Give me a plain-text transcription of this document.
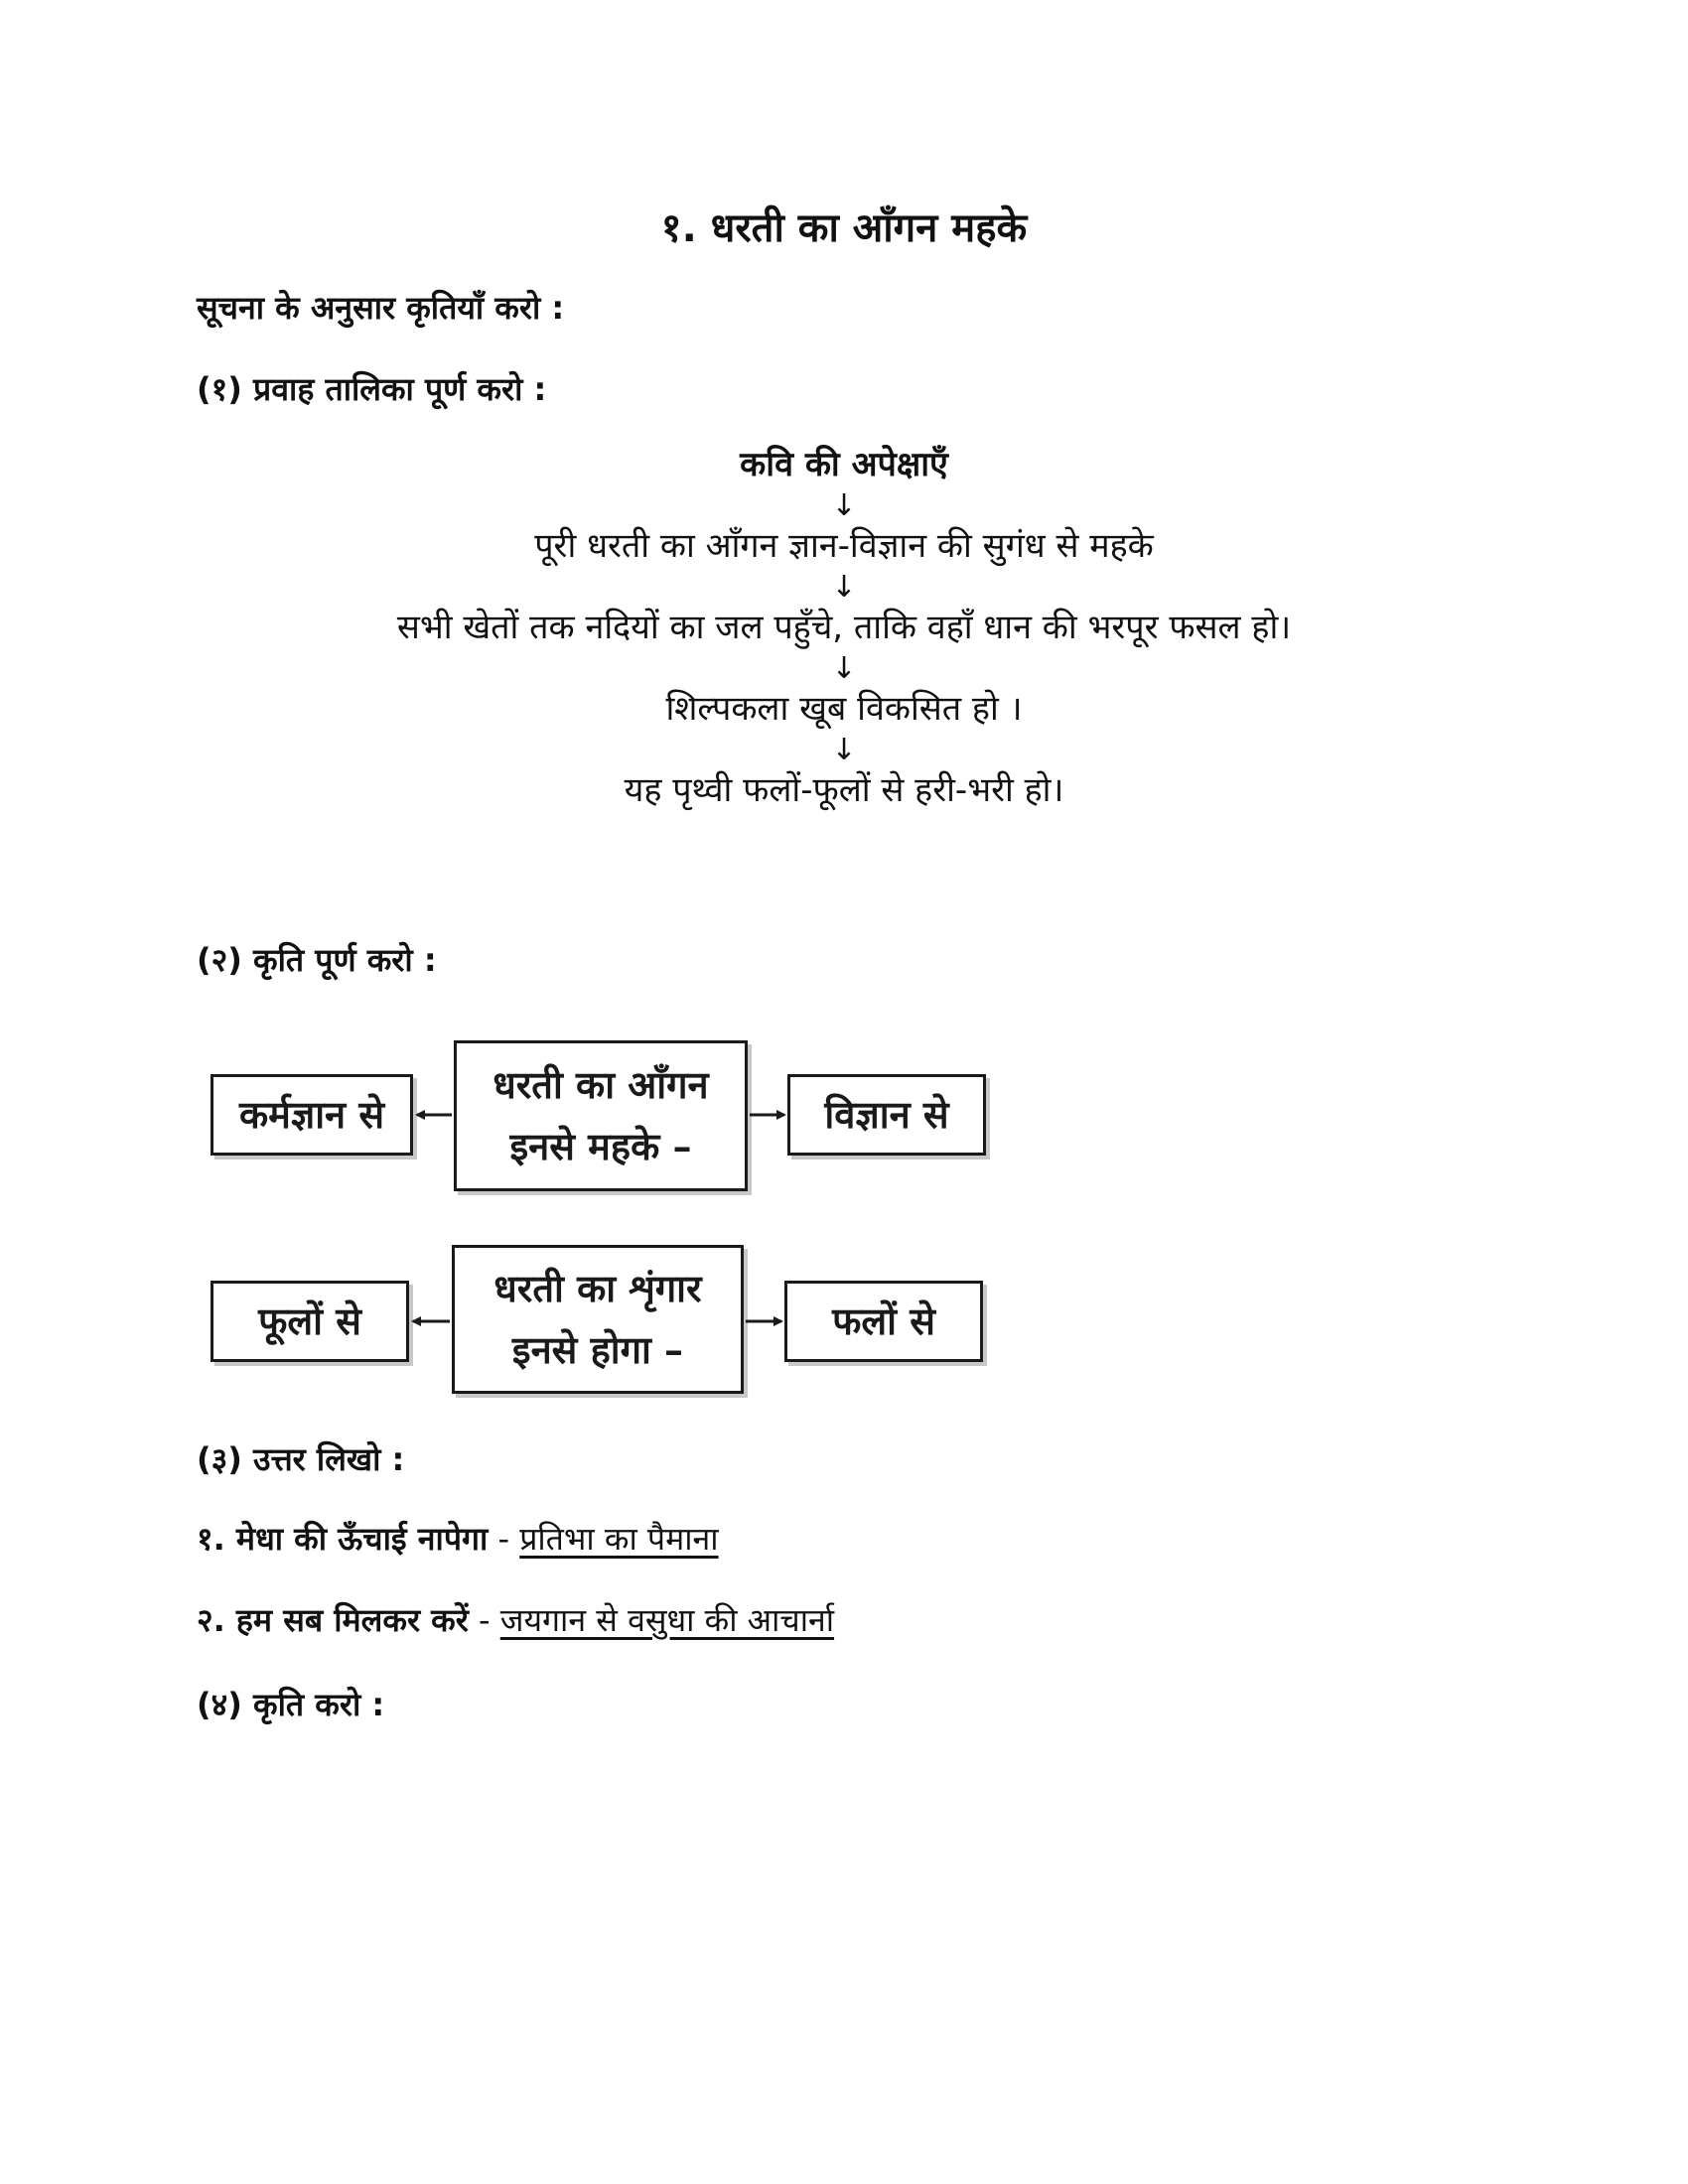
१. धरती का आँगन महके
सूचना के अनुसार कृतियाँ करो :
(१) प्रवाह तालिका पूर्ण करो :
कवि की अपेक्षाएँ
↓
पूरी धरती का आँगन ज्ञान-विज्ञान की सुगंध से महके
↓
सभी खेतों तक नदियों का जल पहुँचे, ताकि वहाँ धान की भरपूर फसल हो।
↓
शिल्पकला खूब विकसित हो ।
↓
यह पृथ्वी फलों-फूलों से हरी-भरी हो।
(२) कृति पूर्ण करो :
कर्मज्ञान से
धरती का आँगन
इनसे महके –
विज्ञान से
फूलों से
धरती का शृंगार
इनसे होगा –
फलों से
(३) उत्तर लिखो :
१. मेधा की ऊँचाई नापेगा - प्रतिभा का पैमाना
२. हम सब मिलकर करें - जयगान से वसुधा की आचार्ना
(४) कृति करो :
